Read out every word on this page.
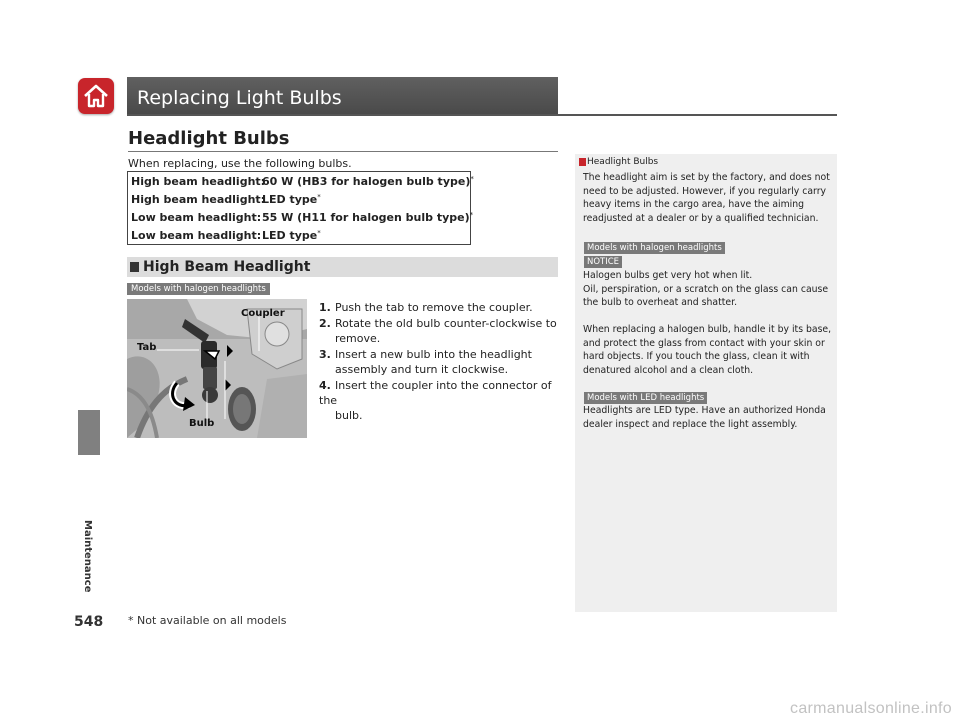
Maintenance
548 * Not available on all models
Replacing Light Bulbs
Headlight Bulbs
When replacing, use the following bulbs.
High beam headlight:
60 W (HB3 for halogen bulb type)*
High beam headlight:
LED type*
Low beam headlight: 55 W (H11 for halogen bulb type)*
Low beam headlight: LED type*
High Beam Headlight
Models with halogen headlights
Coupler
Tab
Bulb
1. Push the tab to remove the coupler.
2. Rotate the old bulb counter-clockwise to
remove.
3. Insert a new bulb into the headlight
assembly and turn it clockwise.
4. Insert the coupler into the connector of the
bulb.
Headlight Bulbs
The headlight aim is set by the factory, and does not
need to be adjusted. However, if you regularly carry
heavy items in the cargo area, have the aiming
readjusted at a dealer or by a qualified technician.
Models with halogen headlights
NOTICE
Halogen bulbs get very hot when lit.
Oil, perspiration, or a scratch on the glass can cause
the bulb to overheat and shatter.
When replacing a halogen bulb, handle it by its base,
and protect the glass from contact with your skin or
hard objects. If you touch the glass, clean it with
denatured alcohol and a clean cloth.
Models with LED headlights
Headlights are LED type. Have an authorized Honda
dealer inspect and replace the light assembly.
carmanualsonline.info
